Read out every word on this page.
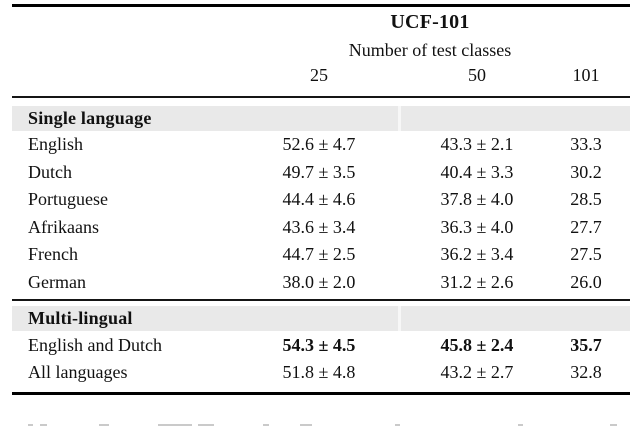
UCF-101
Number of test classes
25	50	101
Single language
English	52.6 ± 4.7	43.3 ± 2.1	33.3
Dutch	49.7 ± 3.5	40.4 ± 3.3	30.2
Portuguese	44.4 ± 4.6	37.8 ± 4.0	28.5
Afrikaans	43.6 ± 3.4	36.3 ± 4.0	27.7
French	44.7 ± 2.5	36.2 ± 3.4	27.5
German	38.0 ± 2.0	31.2 ± 2.6	26.0
Multi-lingual
English and Dutch	54.3 ± 4.5	45.8 ± 2.4	35.7
All languages	51.8 ± 4.8	43.2 ± 2.7	32.8
